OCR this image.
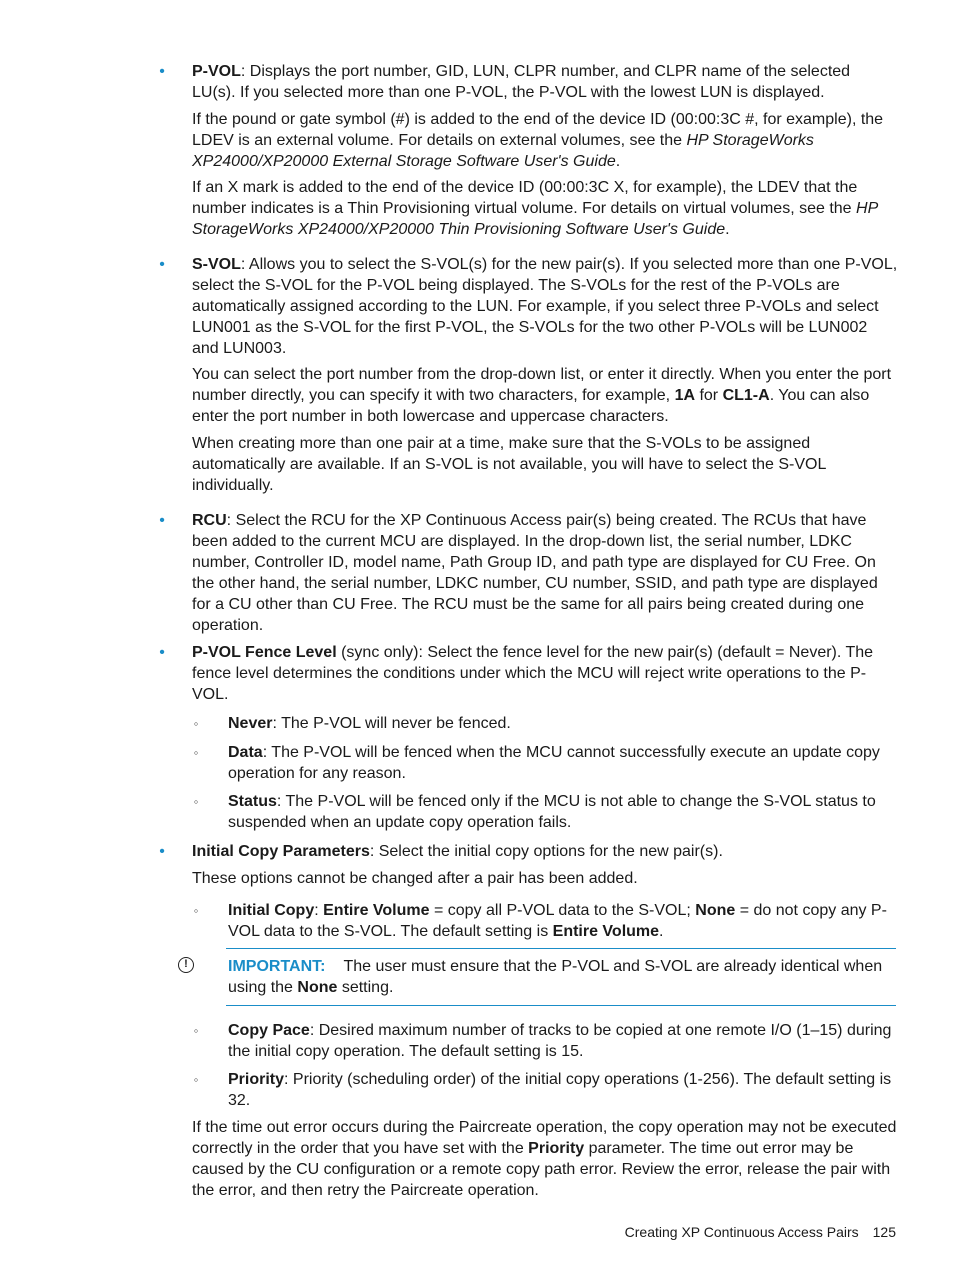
• P-VOL: Displays the port number, GID, LUN, CLPR number, and CLPR name of the selected LU(s). If you selected more than one P-VOL, the P-VOL with the lowest LUN is displayed.

If the pound or gate symbol (#) is added to the end of the device ID (00:00:3C #, for example), the LDEV is an external volume. For details on external volumes, see the HP StorageWorks XP24000/XP20000 External Storage Software User's Guide.

If an X mark is added to the end of the device ID (00:00:3C X, for example), the LDEV that the number indicates is a Thin Provisioning virtual volume. For details on virtual volumes, see the HP StorageWorks XP24000/XP20000 Thin Provisioning Software User's Guide.

• S-VOL: Allows you to select the S-VOL(s) for the new pair(s). If you selected more than one P-VOL, select the S-VOL for the P-VOL being displayed. The S-VOLs for the rest of the P-VOLs are automatically assigned according to the LUN. For example, if you select three P-VOLs and select LUN001 as the S-VOL for the first P-VOL, the S-VOLs for the two other P-VOLs will be LUN002 and LUN003.

You can select the port number from the drop-down list, or enter it directly. When you enter the port number directly, you can specify it with two characters, for example, 1A for CL1-A. You can also enter the port number in both lowercase and uppercase characters.

When creating more than one pair at a time, make sure that the S-VOLs to be assigned automatically are available. If an S-VOL is not available, you will have to select the S-VOL individually.

• RCU: Select the RCU for the XP Continuous Access pair(s) being created. The RCUs that have been added to the current MCU are displayed. In the drop-down list, the serial number, LDKC number, Controller ID, model name, Path Group ID, and path type are displayed for CU Free. On the other hand, the serial number, LDKC number, CU number, SSID, and path type are displayed for a CU other than CU Free. The RCU must be the same for all pairs being created during one operation.

• P-VOL Fence Level (sync only): Select the fence level for the new pair(s) (default = Never). The fence level determines the conditions under which the MCU will reject write operations to the P-VOL.

◦ Never: The P-VOL will never be fenced.

◦ Data: The P-VOL will be fenced when the MCU cannot successfully execute an update copy operation for any reason.

◦ Status: The P-VOL will be fenced only if the MCU is not able to change the S-VOL status to suspended when an update copy operation fails.

• Initial Copy Parameters: Select the initial copy options for the new pair(s).

These options cannot be changed after a pair has been added.

◦ Initial Copy: Entire Volume = copy all P-VOL data to the S-VOL; None = do not copy any P-VOL data to the S-VOL. The default setting is Entire Volume.

!	IMPORTANT: The user must ensure that the P-VOL and S-VOL are already identical when using the None setting.

◦ Copy Pace: Desired maximum number of tracks to be copied at one remote I/O (1–15) during the initial copy operation. The default setting is 15.

◦ Priority: Priority (scheduling order) of the initial copy operations (1-256). The default setting is 32.

If the time out error occurs during the Paircreate operation, the copy operation may not be executed correctly in the order that you have set with the Priority parameter. The time out error may be caused by the CU configuration or a remote copy path error. Review the error, release the pair with the error, and then retry the Paircreate operation.

Creating XP Continuous Access Pairs 125
